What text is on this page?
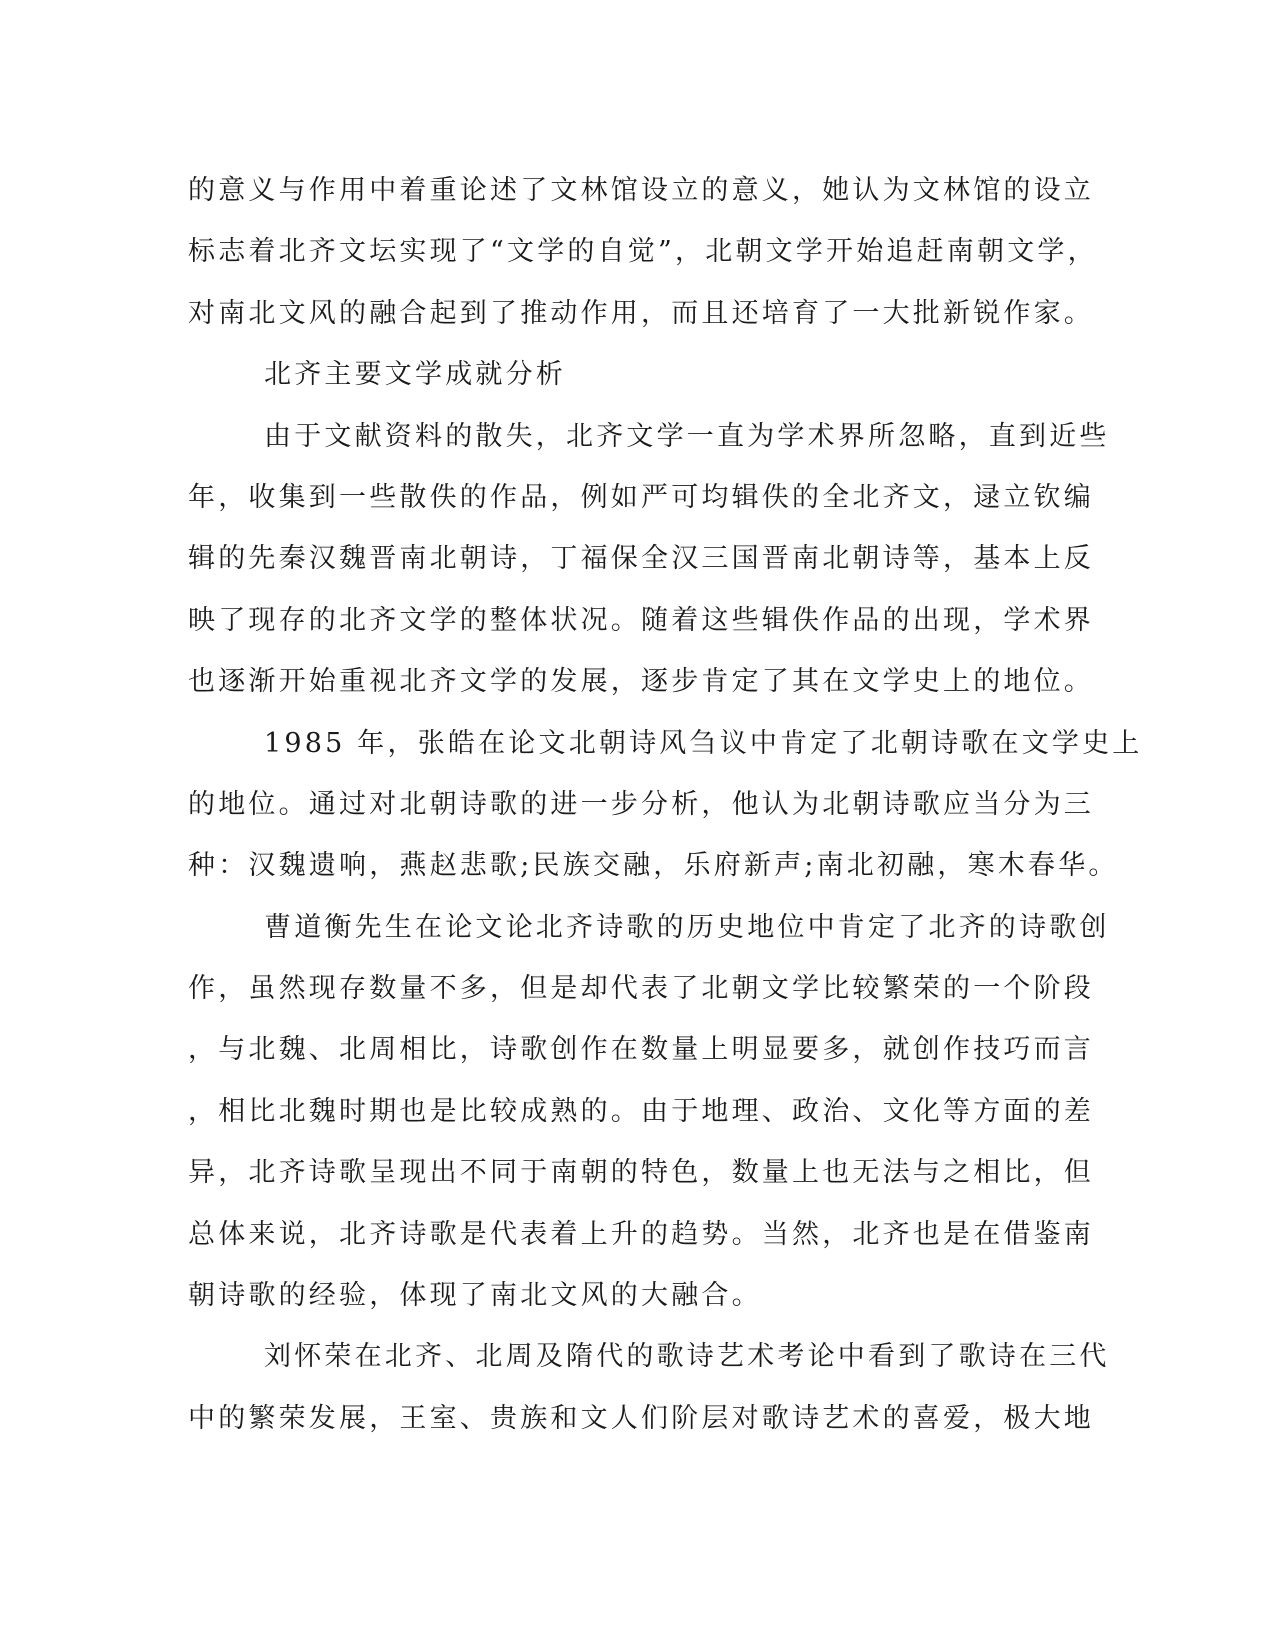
的意义与作用中着重论述了文林馆设立的意义，她认为文林馆的设立
标志着北齐文坛实现了“文学的自觉”，北朝文学开始追赶南朝文学，
对南北文风的融合起到了推动作用，而且还培育了一大批新锐作家。
北齐主要文学成就分析
由于文献资料的散失，北齐文学一直为学术界所忽略，直到近些
年，收集到一些散佚的作品，例如严可均辑佚的全北齐文，逯立钦编
辑的先秦汉魏晋南北朝诗，丁福保全汉三国晋南北朝诗等，基本上反
映了现存的北齐文学的整体状况。随着这些辑佚作品的出现，学术界
也逐渐开始重视北齐文学的发展，逐步肯定了其在文学史上的地位。
1985 年，张皓在论文北朝诗风刍议中肯定了北朝诗歌在文学史上
的地位。通过对北朝诗歌的进一步分析，他认为北朝诗歌应当分为三
种：汉魏遗响，燕赵悲歌;民族交融，乐府新声;南北初融，寒木春华。
曹道衡先生在论文论北齐诗歌的历史地位中肯定了北齐的诗歌创
作，虽然现存数量不多，但是却代表了北朝文学比较繁荣的一个阶段
，与北魏、北周相比，诗歌创作在数量上明显要多，就创作技巧而言
，相比北魏时期也是比较成熟的。由于地理、政治、文化等方面的差
异，北齐诗歌呈现出不同于南朝的特色，数量上也无法与之相比，但
总体来说，北齐诗歌是代表着上升的趋势。当然，北齐也是在借鉴南
朝诗歌的经验，体现了南北文风的大融合。
刘怀荣在北齐、北周及隋代的歌诗艺术考论中看到了歌诗在三代
中的繁荣发展，王室、贵族和文人们阶层对歌诗艺术的喜爱，极大地
